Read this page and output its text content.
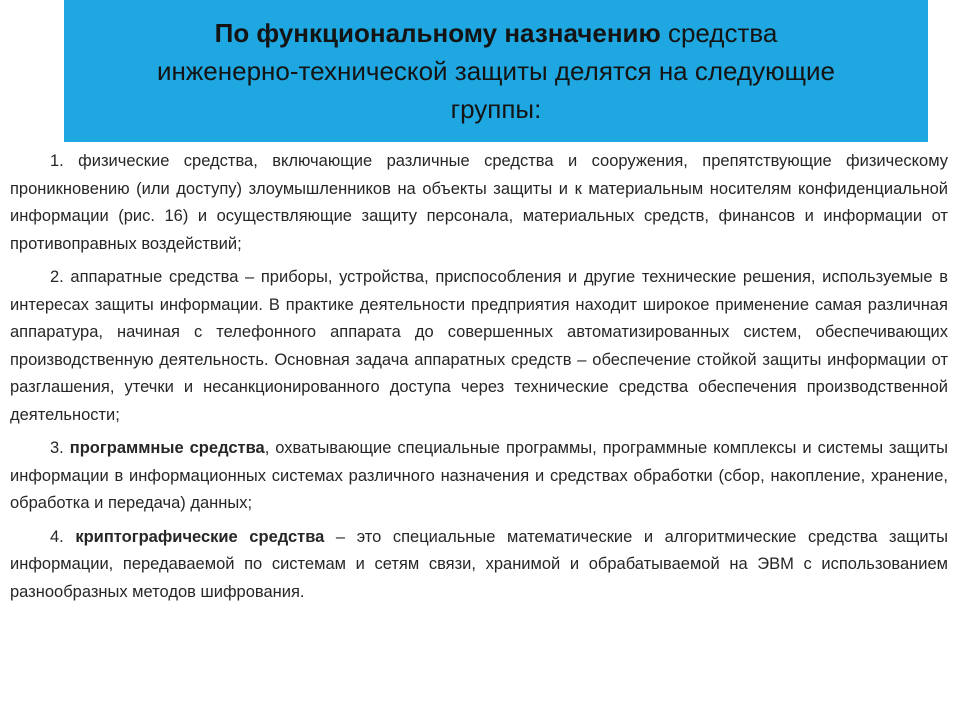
По функциональному назначению средства инженерно-технической защиты делятся на следующие группы:

1. физические средства, включающие различные средства и сооружения, препятствующие физическому проникновению (или доступу) злоумышленников на объекты защиты и к материальным носителям конфиденциальной информации (рис. 16) и осуществляющие защиту персонала, материальных средств, финансов и информации от противоправных воздействий;

2. аппаратные средства – приборы, устройства, приспособления и другие технические решения, используемые в интересах защиты информации. В практике деятельности предприятия находит широкое применение самая различная аппаратура, начиная с телефонного аппарата до совершенных автоматизированных систем, обеспечивающих производственную деятельность. Основная задача аппаратных средств – обеспечение стойкой защиты информации от разглашения, утечки и несанкционированного доступа через технические средства обеспечения производственной деятельности;

3. программные средства, охватывающие специальные программы, программные комплексы и системы защиты информации в информационных системах различного назначения и средствах обработки (сбор, накопление, хранение, обработка и передача) данных;

4. криптографические средства – это специальные математические и алгоритмические средства защиты информации, передаваемой по системам и сетям связи, хранимой и обрабатываемой на ЭВМ с использованием разнообразных методов шифрования.
